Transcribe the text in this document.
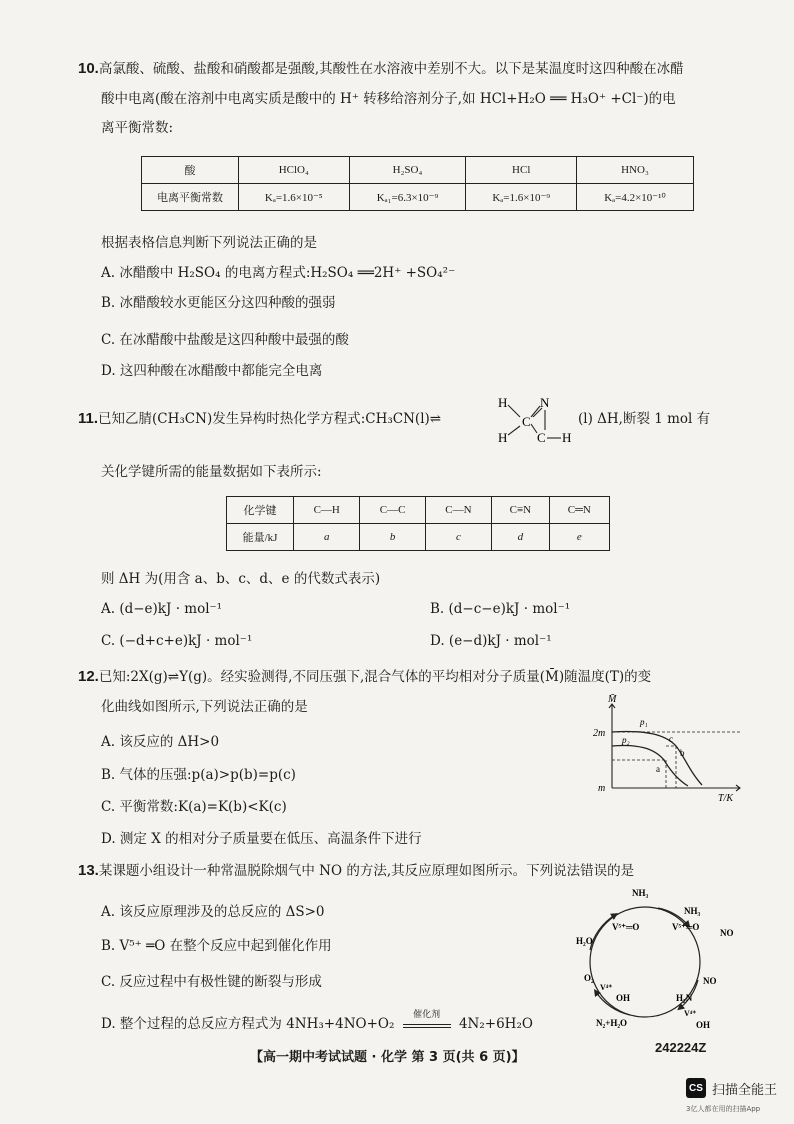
10.高氯酸、硫酸、盐酸和硝酸都是强酸,其酸性在水溶液中差别不大。以下是某温度时这四种酸在冰醋
酸中电离(酸在溶剂中电离实质是酸中的 H⁺ 转移给溶剂分子,如 HCl+H₂O ══ H₃O⁺ +Cl⁻)的电
离平衡常数:
酸	HClO₄	H₂SO₄	HCl	HNO₃
电离平衡常数	Kₐ=1.6×10⁻⁵	Kₐ₁=6.3×10⁻⁹	Kₐ=1.6×10⁻⁹	Kₐ=4.2×10⁻¹⁰
根据表格信息判断下列说法正确的是
A. 冰醋酸中 H₂SO₄ 的电离方程式:H₂SO₄ ══2H⁺ +SO₄²⁻
B. 冰醋酸较水更能区分这四种酸的强弱
C. 在冰醋酸中盐酸是这四种酸中最强的酸
D. 这四种酸在冰醋酸中都能完全电离
11.已知乙腈(CH₃CN)发生异构时热化学方程式:CH₃CN(l)⇌
H	N
C
H C H
(l) ΔH,断裂 1 mol 有
关化学键所需的能量数据如下表所示:
化学键	C—H	C—C	C—N	C≡N	C═N
能量/kJ	a	b	c	d	e
则 ΔH 为(用含 a、b、c、d、e 的代数式表示)
A. (d−e)kJ · mol⁻¹	B. (d−c−e)kJ · mol⁻¹
C. (−d+c+e)kJ · mol⁻¹	D. (e−d)kJ · mol⁻¹
12.已知:2X(g)⇌Y(g)。经实验测得,不同压强下,混合气体的平均相对分子质量(M̄)随温度(T)的变
化曲线如图所示,下列说法正确的是
A. 该反应的 ΔH>0
B. 气体的压强:p(a)>p(b)=p(c)
C. 平衡常数:K(a)=K(b)<K(c)
D. 测定 X 的相对分子质量要在低压、高温条件下进行
M̄
2m
m
T/K
p₁
p₂
a
b
c
13.某课题小组设计一种常温脱除烟气中 NO 的方法,其反应原理如图所示。下列说法错误的是
A. 该反应原理涉及的总反应的 ΔS>0
B. V⁵⁺ ═O 在整个反应中起到催化作用
C. 反应过程中有极性键的断裂与形成
D. 整个过程的总反应方程式为 4NH₃+4NO+O₂
催化剂
4N₂+6H₂O
NH₃
V⁵⁺═O
NH₃
V⁵⁺═O
NO
H₂O
O₂
V⁴⁺
OH
NO
H₂N
V⁴⁺
OH
N₂+H₂O
【高一期中考试试题 · 化学 第 3 页(共 6 页)】
242224Z
CS 扫描全能王
3亿人都在用的扫描App
